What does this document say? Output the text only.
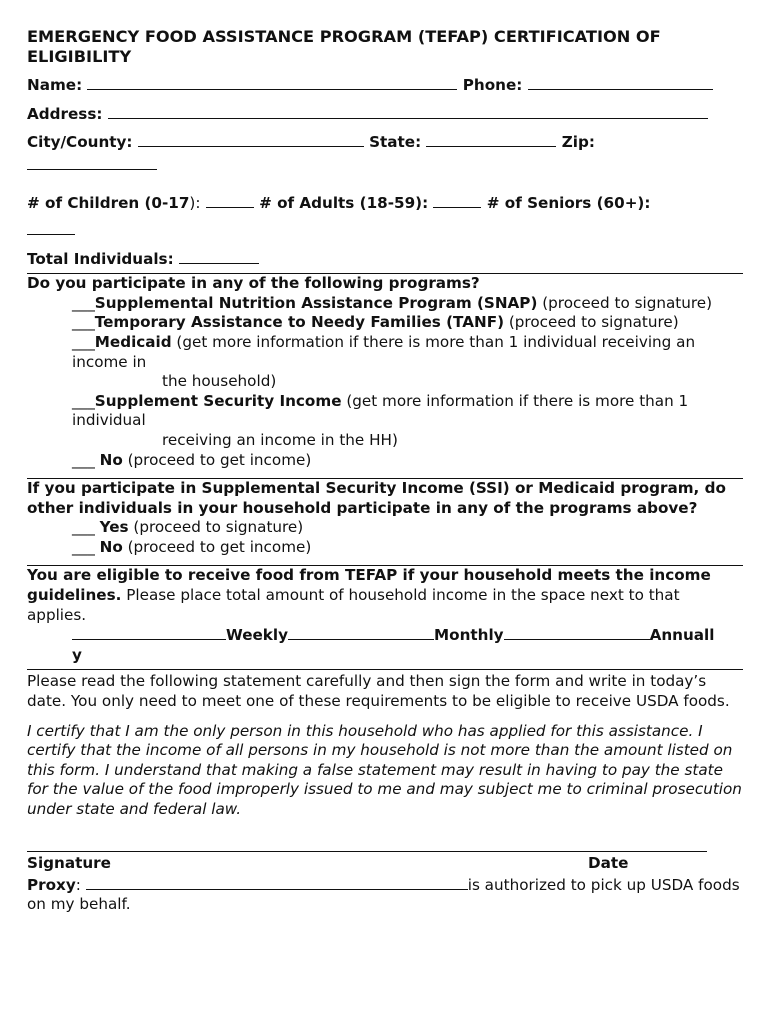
EMERGENCY FOOD ASSISTANCE PROGRAM (TEFAP) CERTIFICATION OF ELIGIBILITY

Name:	Phone:
Address:
City/County:	State:	Zip:
# of Children (0-17):	# of Adults (18-59):	# of Seniors (60+):
Total Individuals:
Do you participate in any of the following programs?
___Supplemental Nutrition Assistance Program (SNAP) (proceed to signature)
___Temporary Assistance to Needy Families (TANF) (proceed to signature)
___Medicaid (get more information if there is more than 1 individual receiving an income in
the household)
___Supplement Security Income (get more information if there is more than 1 individual
receiving an income in the HH)
___ No (proceed to get income)
If you participate in Supplemental Security Income (SSI) or Medicaid program, do other individuals in your household participate in any of the programs above?
___ Yes (proceed to signature)
___ No (proceed to get income)
You are eligible to receive food from TEFAP if your household meets the income guidelines. Please place total amount of household income in the space next to that applies.
Weekly	Monthly	Annuall
y
Please read the following statement carefully and then sign the form and write in today’s date. You only need to meet one of these requirements to be eligible to receive USDA foods.
I certify that I am the only person in this household who has applied for this assistance. I certify that the income of all persons in my household is not more than the amount listed on this form. I understand that making a false statement may result in having to pay the state for the value of the food improperly issued to me and may subject me to criminal prosecution under state and federal law.
Signature	Date
Proxy:	is authorized to pick up USDA foods on my behalf.
